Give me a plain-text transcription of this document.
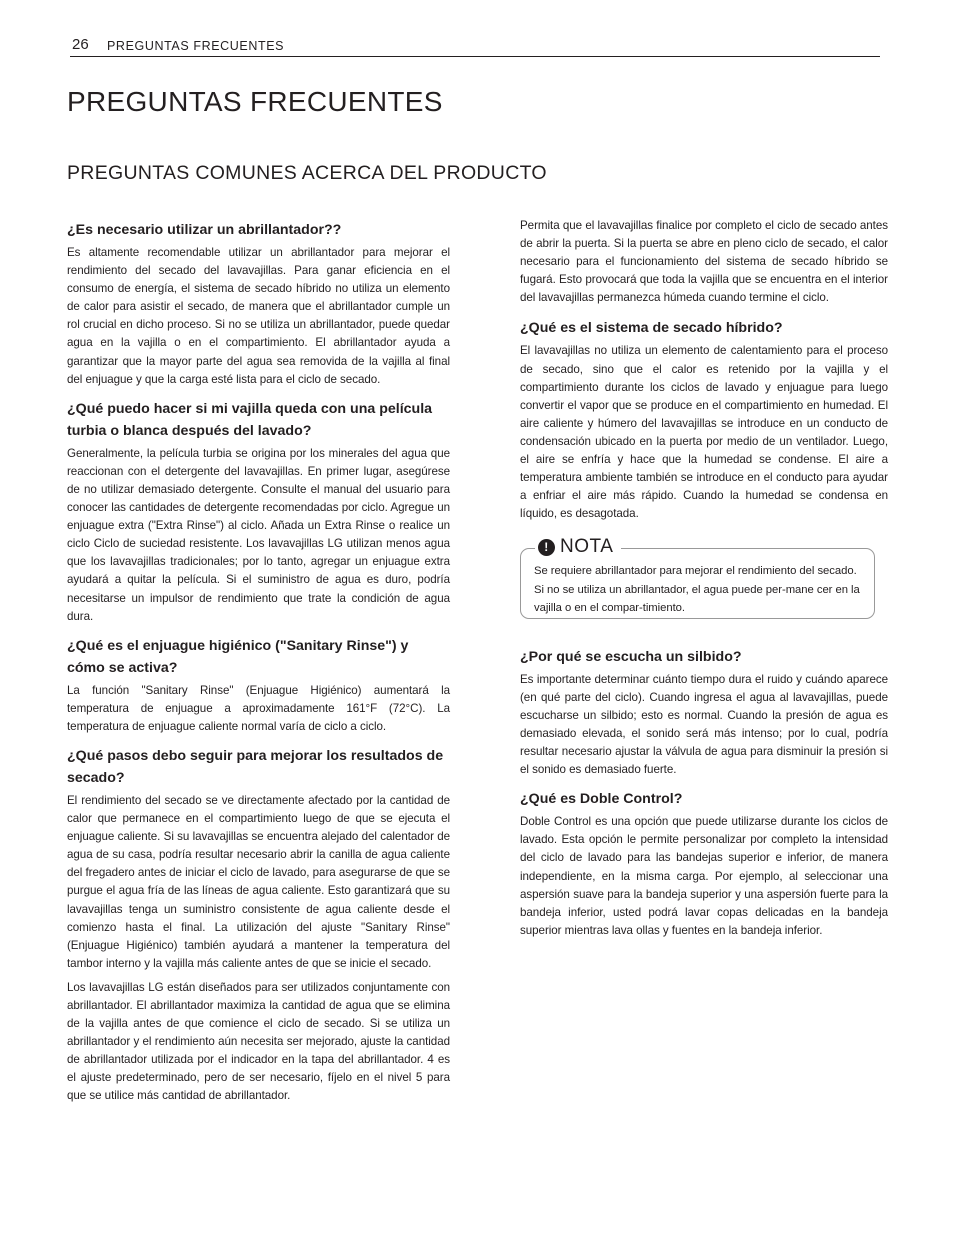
26 PREGUNTAS FRECUENTES
PREGUNTAS FRECUENTES
PREGUNTAS COMUNES ACERCA DEL PRODUCTO
¿Es necesario utilizar un abrillantador??

Es altamente recomendable utilizar un abrillantador para mejorar el rendimiento del secado del lavavajillas. Para ganar eficiencia en el consumo de energía, el sistema de secado híbrido no utiliza un elemento de calor para asistir el secado, de manera que el abrillantador cumple un rol crucial en dicho proceso. Si no se utiliza un abrillantador, puede quedar agua en la vajilla o en el compartimiento. El abrillantador ayuda a garantizar que la mayor parte del agua sea removida de la vajilla al final del enjuague y que la carga esté lista para el ciclo de secado.

¿Qué puedo hacer si mi vajilla queda con una película turbia o blanca después del lavado?

Generalmente, la película turbia se origina por los minerales del agua que reaccionan con el detergente del lavavajillas. En primer lugar, asegúrese de no utilizar demasiado detergente. Consulte el manual del usuario para conocer las cantidades de detergente recomendadas por ciclo. Agregue un enjuague extra ("Extra Rinse") al ciclo. Añada un Extra Rinse o realice un ciclo Ciclo de suciedad resistente. Los lavavajillas LG utilizan menos agua que los lavavajillas tradicionales; por lo tanto, agregar un enjuague extra ayudará a quitar la película. Si el suministro de agua es duro, podría necesitarse un impulsor de rendimiento que trate la condición de agua dura.

¿Qué es el enjuague higiénico ("Sanitary Rinse") y cómo se activa?

La función "Sanitary Rinse" (Enjuague Higiénico) aumentará la temperatura de enjuague a aproximadamente 161°F (72°C). La temperatura de enjuague caliente normal varía de ciclo a ciclo.

¿Qué pasos debo seguir para mejorar los resultados de secado?

El rendimiento del secado se ve directamente afectado por la cantidad de calor que permanece en el compartimiento luego de que se ejecuta el enjuague caliente. Si su lavavajillas se encuentra alejado del calentador de agua de su casa, podría resultar necesario abrir la canilla de agua caliente del fregadero antes de iniciar el ciclo de lavado, para asegurarse de que se purgue el agua fría de las líneas de agua caliente. Esto garantizará que su lavavajillas tenga un suministro consistente de agua caliente desde el comienzo hasta el final. La utilización del ajuste "Sanitary Rinse" (Enjuague Higiénico) también ayudará a mantener la temperatura del tambor interno y la vajilla más caliente antes de que se inicie el secado.

Los lavavajillas LG están diseñados para ser utilizados conjuntamente con abrillantador. El abrillantador maximiza la cantidad de agua que se elimina de la vajilla antes de que comience el ciclo de secado. Si se utiliza un abrillantador y el rendimiento aún necesita ser mejorado, ajuste la cantidad de abrillantador utilizada por el indicador en la tapa del abrillantador. 4 es el ajuste predeterminado, pero de ser necesario, fíjelo en el nivel 5 para que se utilice más cantidad de abrillantador.

Permita que el lavavajillas finalice por completo el ciclo de secado antes de abrir la puerta. Si la puerta se abre en pleno ciclo de secado, el calor necesario para el funcionamiento del sistema de secado híbrido se fugará. Esto provocará que toda la vajilla que se encuentra en el interior del lavavajillas permanezca húmeda cuando termine el ciclo.

¿Qué es el sistema de secado híbrido?

El lavavajillas no utiliza un elemento de calentamiento para el proceso de secado, sino que el calor es retenido por la vajilla y el compartimiento durante los ciclos de lavado y enjuague para luego convertir el vapor que se produce en el compartimiento en humedad. El aire caliente y húmero del lavavajillas se introduce en un conducto de condensación ubicado en la puerta por medio de un ventilador. Luego, el aire se enfría y hace que la humedad se condense. El aire a temperatura ambiente también se introduce en el conducto para ayudar a enfriar el aire más rápido. Cuando la humedad se condensa en líquido, es desagotada.

! NOTA

Se requiere abrillantador para mejorar el rendimiento del secado. Si no se utiliza un abrillantador, el agua puede per-mane cer en la vajilla o en el compar-timiento.

¿Por qué se escucha un silbido?

Es importante determinar cuánto tiempo dura el ruido y cuándo aparece (en qué parte del ciclo). Cuando ingresa el agua al lavavajillas, puede escucharse un silbido; esto es normal. Cuando la presión de agua es demasiado elevada, el sonido será más intenso; por lo cual, podría resultar necesario ajustar la válvula de agua para disminuir la presión si el sonido es demasiado fuerte.

¿Qué es Doble Control?

Doble Control es una opción que puede utilizarse durante los ciclos de lavado. Esta opción le permite personalizar por completo la intensidad del ciclo de lavado para las bandejas superior e inferior, de manera independiente, en la misma carga. Por ejemplo, al seleccionar una aspersión suave para la bandeja superior y una aspersión fuerte para la bandeja inferior, usted podrá lavar copas delicadas en la bandeja superior mientras lava ollas y fuentes en la bandeja inferior.
